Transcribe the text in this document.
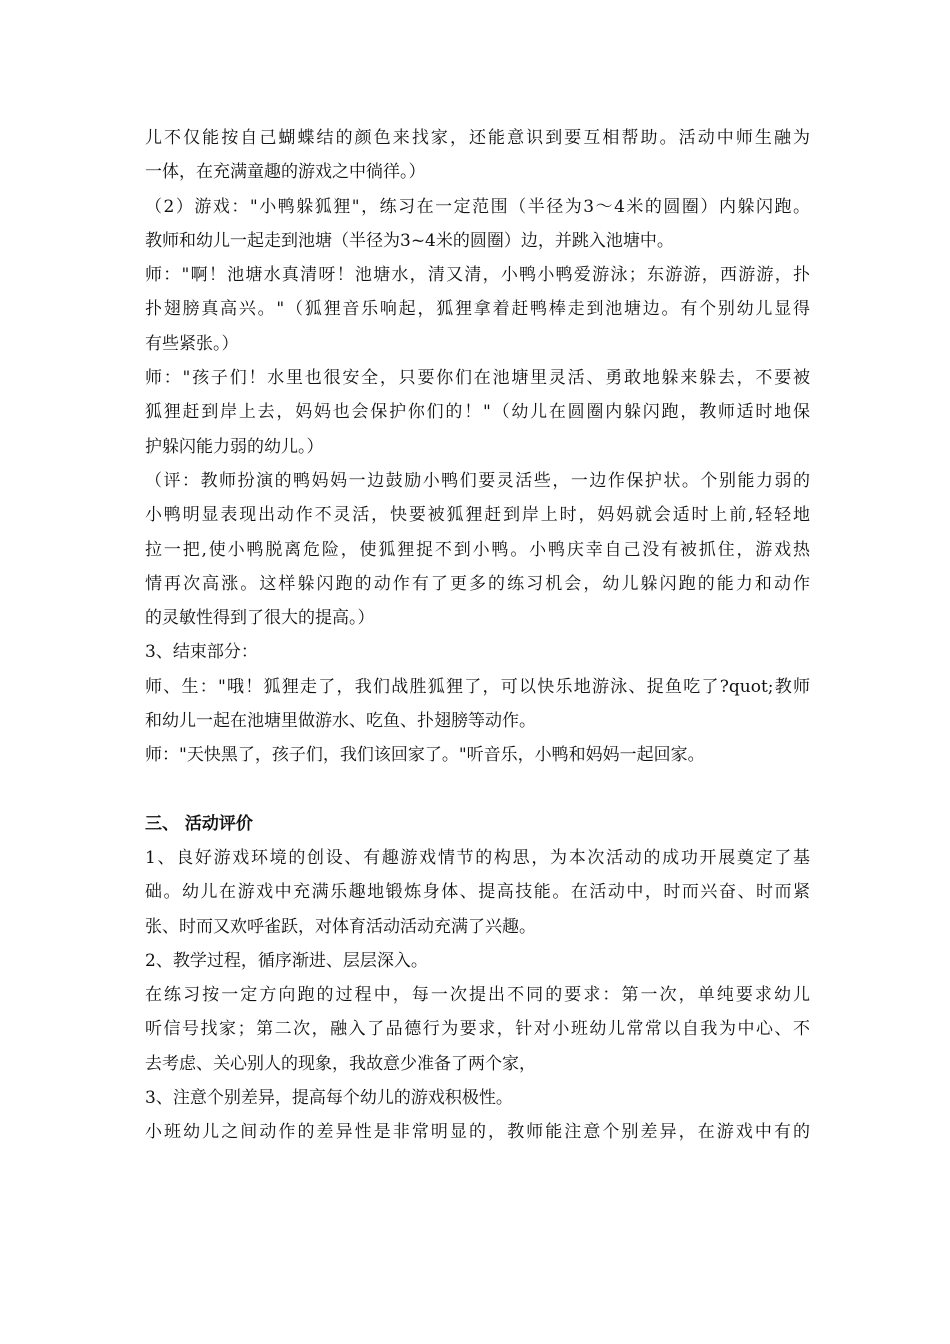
儿不仅能按自己蝴蝶结的颜色来找家，还能意识到要互相帮助。活动中师生融为
一体，在充满童趣的游戏之中徜徉。）
（2）游戏："小鸭躲狐狸"，练习在一定范围（半径为3～4米的圆圈）内躲闪跑。
教师和幼儿一起走到池塘（半径为3~4米的圆圈）边，并跳入池塘中。
师："啊！池塘水真清呀！池塘水，清又清，小鸭小鸭爱游泳；东游游，西游游，扑
扑翅膀真高兴。"（狐狸音乐响起，狐狸拿着赶鸭棒走到池塘边。有个别幼儿显得
有些紧张。）
师："孩子们！水里也很安全，只要你们在池塘里灵活、勇敢地躲来躲去，不要被
狐狸赶到岸上去，妈妈也会保护你们的！"（幼儿在圆圈内躲闪跑，教师适时地保
护躲闪能力弱的幼儿。）
（评：教师扮演的鸭妈妈一边鼓励小鸭们要灵活些，一边作保护状。个别能力弱的
小鸭明显表现出动作不灵活，快要被狐狸赶到岸上时，妈妈就会适时上前,轻轻地
拉一把,使小鸭脱离危险，使狐狸捉不到小鸭。小鸭庆幸自己没有被抓住，游戏热
情再次高涨。这样躲闪跑的动作有了更多的练习机会，幼儿躲闪跑的能力和动作
的灵敏性得到了很大的提高。）
3、结束部分：
师、生："哦！狐狸走了，我们战胜狐狸了，可以快乐地游泳、捉鱼吃了?quot;教师
和幼儿一起在池塘里做游水、吃鱼、扑翅膀等动作。
师："天快黑了，孩子们，我们该回家了。"听音乐，小鸭和妈妈一起回家。
三、 活动评价
1、良好游戏环境的创设、有趣游戏情节的构思，为本次活动的成功开展奠定了基
础。幼儿在游戏中充满乐趣地锻炼身体、提高技能。在活动中，时而兴奋、时而紧
张、时而又欢呼雀跃，对体育活动活动充满了兴趣。
2、教学过程，循序渐进、层层深入。
在练习按一定方向跑的过程中，每一次提出不同的要求：第一次，单纯要求幼儿
听信号找家；第二次，融入了品德行为要求，针对小班幼儿常常以自我为中心、不
去考虑、关心别人的现象，我故意少准备了两个家，
3、注意个别差异，提高每个幼儿的游戏积极性。
小班幼儿之间动作的差异性是非常明显的，教师能注意个别差异，在游戏中有的
